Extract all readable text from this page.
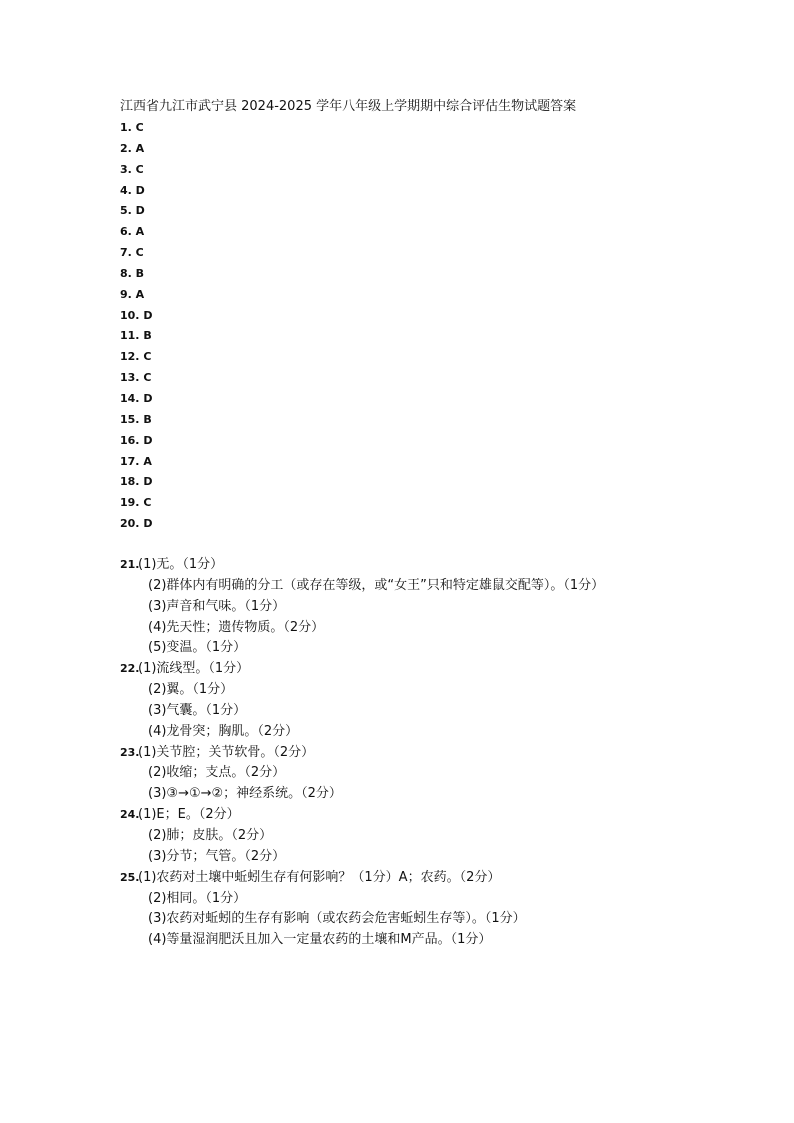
江西省九江市武宁县 2024-2025 学年八年级上学期期中综合评估生物试题答案
1. C
2. A
3. C
4. D
5. D
6. A
7. C
8. B
9. A
10. D
11. B
12. C
13. C
14. D
15. B
16. D
17. A
18. D
19. C
20. D
21.
(1)无。（1分）
(2)群体内有明确的分工（或存在等级，或“女王”只和特定雄鼠交配等）。（1分）
(3)声音和气味。（1分）
(4)先天性；遗传物质。（2分）
(5)变温。（1分）
22.
(1)流线型。（1分）
(2)翼。（1分）
(3)气囊。（1分）
(4)龙骨突；胸肌。（2分）
23.
(1)关节腔；关节软骨。（2分）
(2)收缩；支点。（2分）
(3)③→①→②；神经系统。（2分）
24.
(1)E；E。（2分）
(2)肺；皮肤。（2分）
(3)分节；气管。（2分）
25.
(1)农药对土壤中蚯蚓生存有何影响？（1分）A；农药。（2分）
(2)相同。（1分）
(3)农药对蚯蚓的生存有影响（或农药会危害蚯蚓生存等）。（1分）
(4)等量湿润肥沃且加入一定量农药的土壤和M产品。（1分）
